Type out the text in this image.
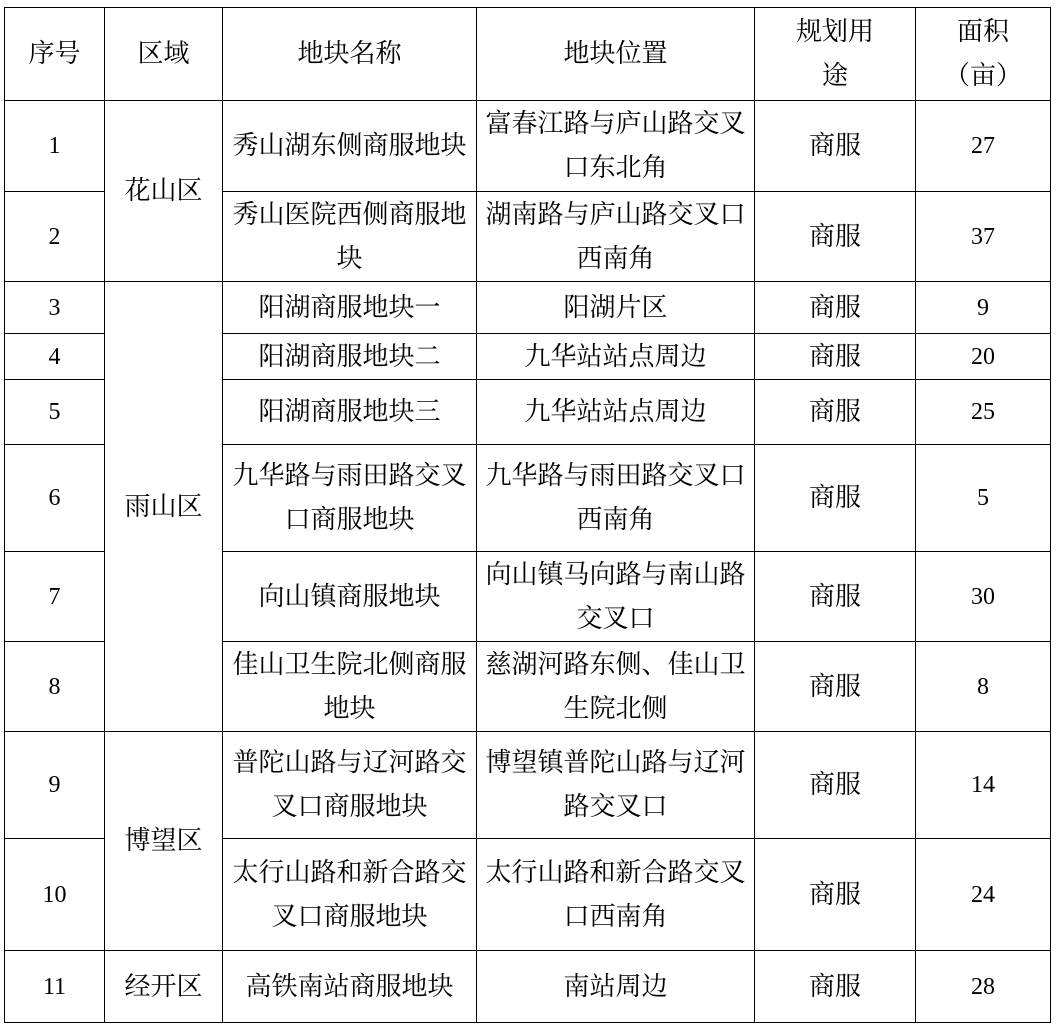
序号	区域	地块名称	地块位置	规划用途	面积（亩）
1	花山区	秀山湖东侧商服地块	富春江路与庐山路交叉口东北角	商服	27
2		秀山医院西侧商服地块	湖南路与庐山路交叉口西南角	商服	37
3	雨山区	阳湖商服地块一	阳湖片区	商服	9
4		阳湖商服地块二	九华站站点周边	商服	20
5		阳湖商服地块三	九华站站点周边	商服	25
6		九华路与雨田路交叉口商服地块	九华路与雨田路交叉口西南角	商服	5
7		向山镇商服地块	向山镇马向路与南山路交叉口	商服	30
8		佳山卫生院北侧商服地块	慈湖河路东侧、佳山卫生院北侧	商服	8
9	博望区	普陀山路与辽河路交叉口商服地块	博望镇普陀山路与辽河路交叉口	商服	14
10		太行山路和新合路交叉口商服地块	太行山路和新合路交叉口西南角	商服	24
11	经开区	高铁南站商服地块	南站周边	商服	28
